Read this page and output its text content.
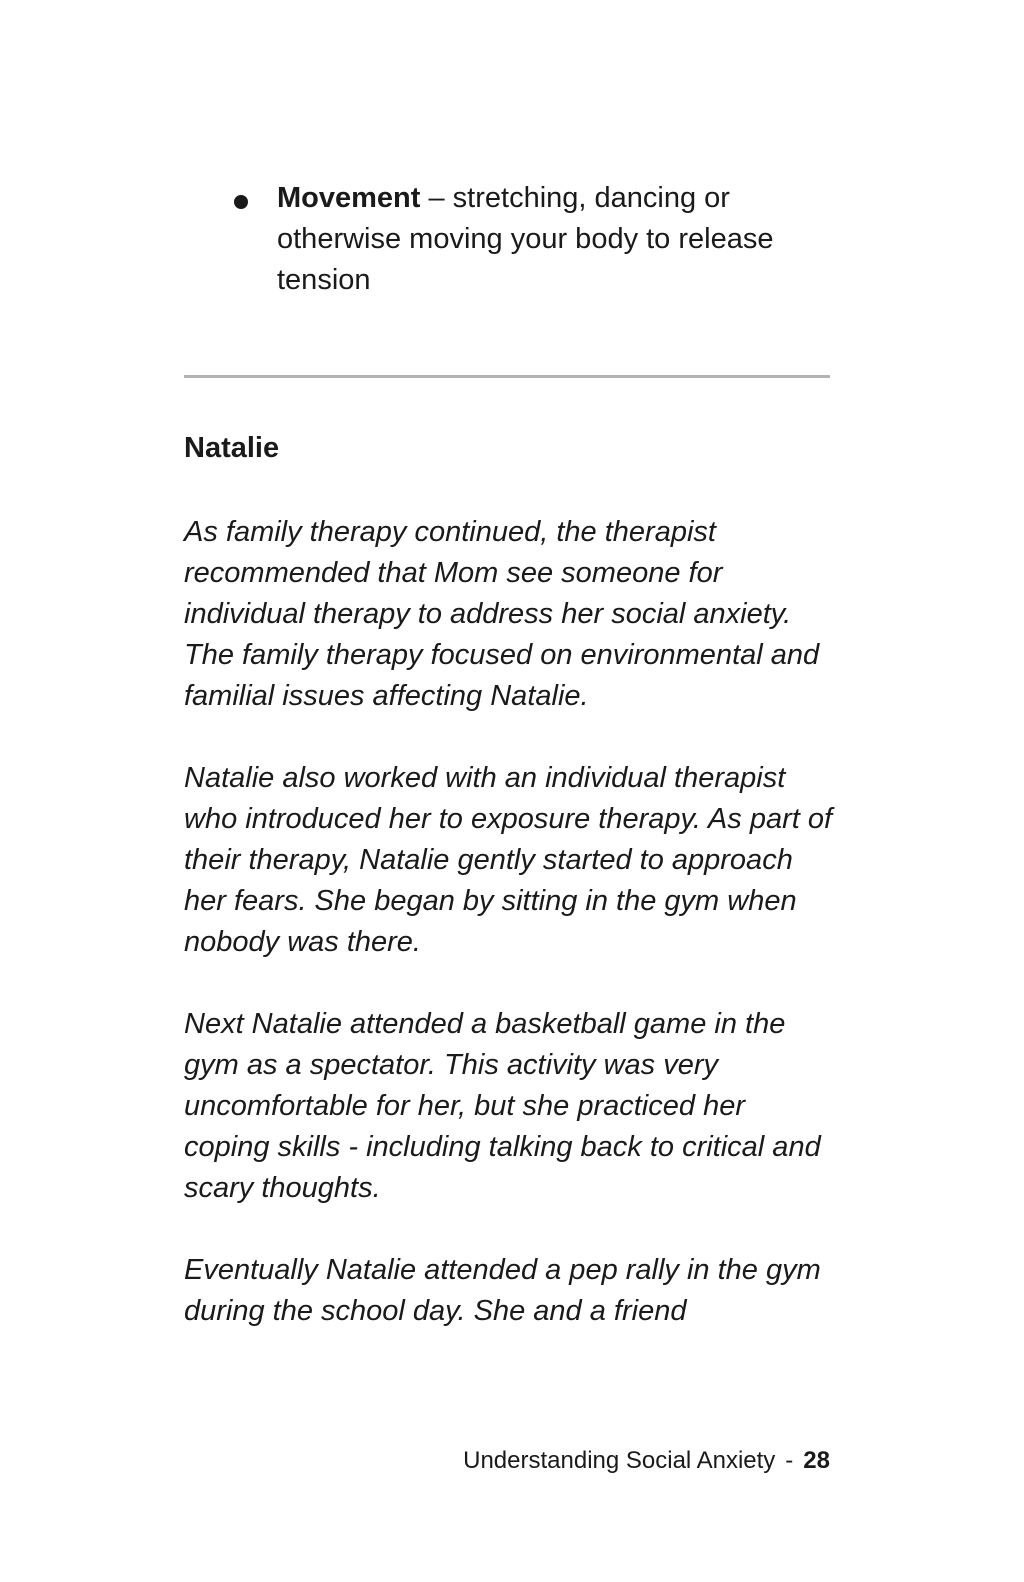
Movement – stretching, dancing or otherwise moving your body to release tension
Natalie

As family therapy continued, the therapist recommended that Mom see someone for individual therapy to address her social anxiety. The family therapy focused on environmental and familial issues affecting Natalie.

Natalie also worked with an individual therapist who introduced her to exposure therapy. As part of their therapy, Natalie gently started to approach her fears. She began by sitting in the gym when nobody was there.

Next Natalie attended a basketball game in the gym as a spectator. This activity was very uncomfortable for her, but she practiced her coping skills - including talking back to critical and scary thoughts.

Eventually Natalie attended a pep rally in the gym during the school day. She and a friend

Understanding Social Anxiety - 28
